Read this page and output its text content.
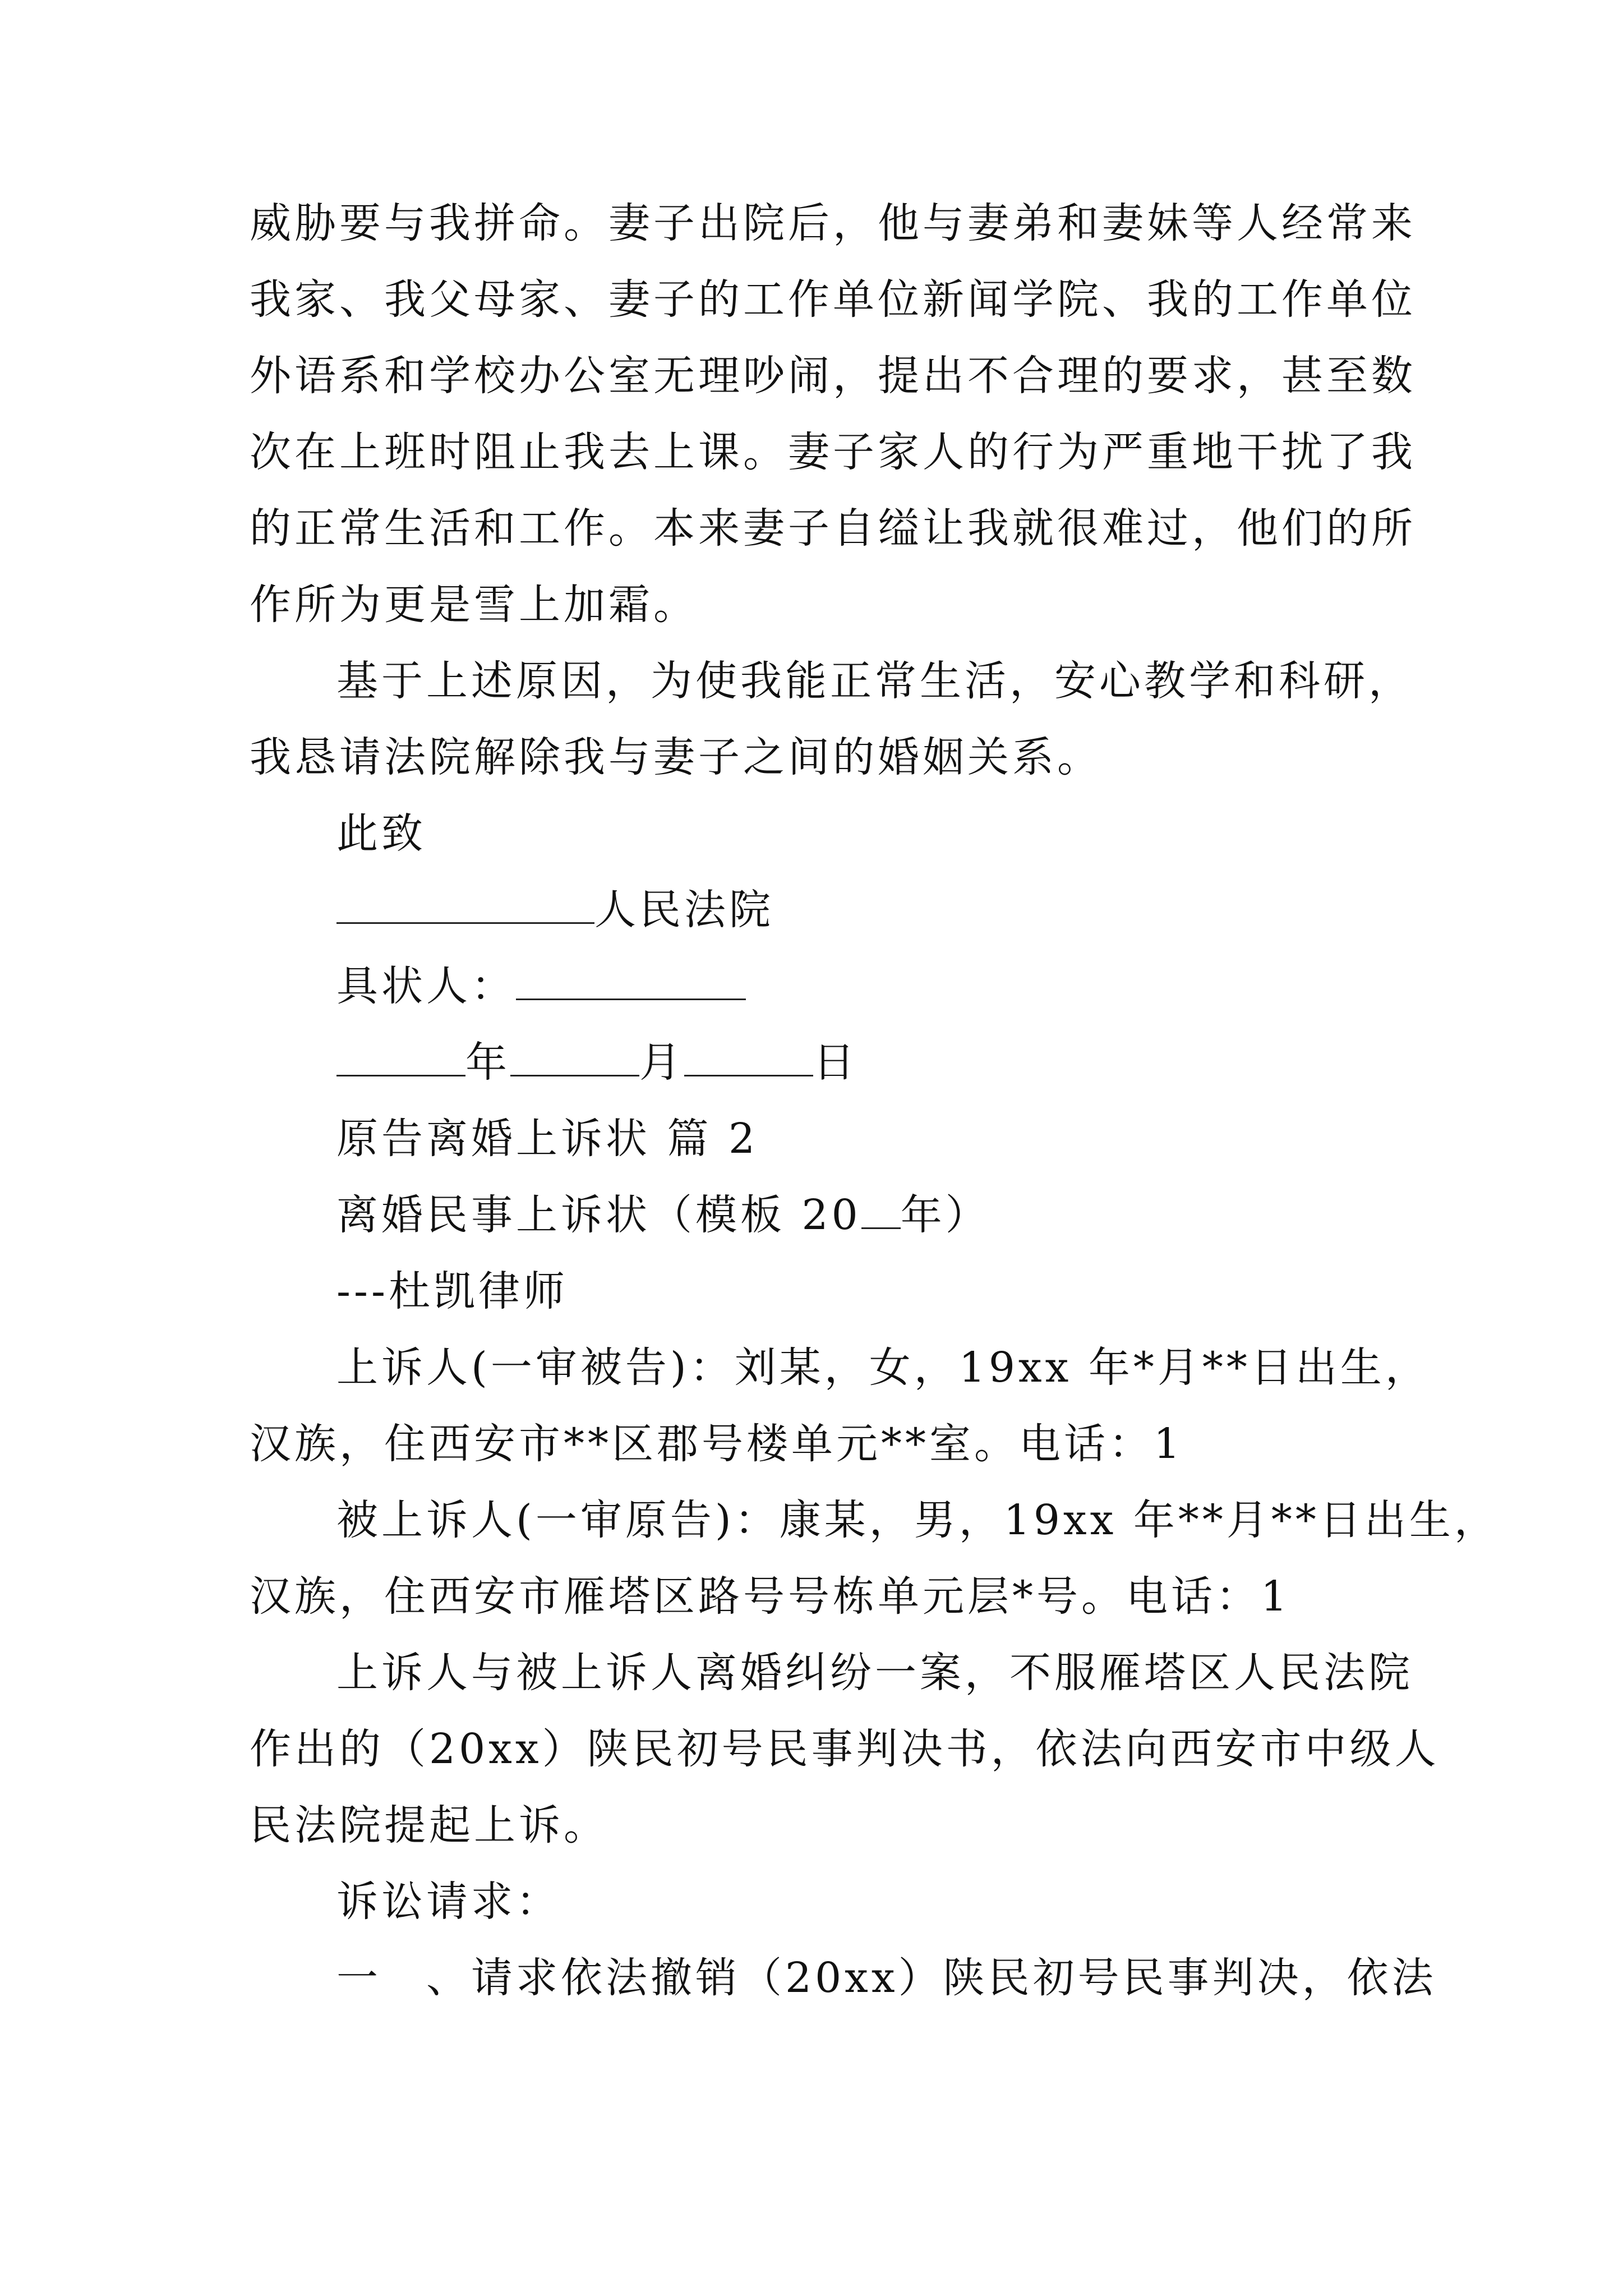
威胁要与我拼命。妻子出院后，他与妻弟和妻妹等人经常来
我家、我父母家、妻子的工作单位新闻学院、我的工作单位
外语系和学校办公室无理吵闹，提出不合理的要求，甚至数
次在上班时阻止我去上课。妻子家人的行为严重地干扰了我
的正常生活和工作。本来妻子自缢让我就很难过，他们的所
作所为更是雪上加霜。
基于上述原因，为使我能正常生活，安心教学和科研，
我恳请法院解除我与妻子之间的婚姻关系。
此致
人民法院
具状人：
年	月	日
原告离婚上诉状 篇 2
离婚民事上诉状（模板 20 年）
---杜凯律师
上诉人(一审被告)：刘某，女，19xx 年*月**日出生，
汉族，住西安市**区郡号楼单元**室。电话：1
被上诉人(一审原告)：康某，男，19xx 年**月**日出生，
汉族，住西安市雁塔区路号号栋单元层*号。电话：1
上诉人与被上诉人离婚纠纷一案，不服雁塔区人民法院
作出的（20xx）陕民初号民事判决书，依法向西安市中级人
民法院提起上诉。
诉讼请求：
一　、请求依法撤销（20xx）陕民初号民事判决，依法
